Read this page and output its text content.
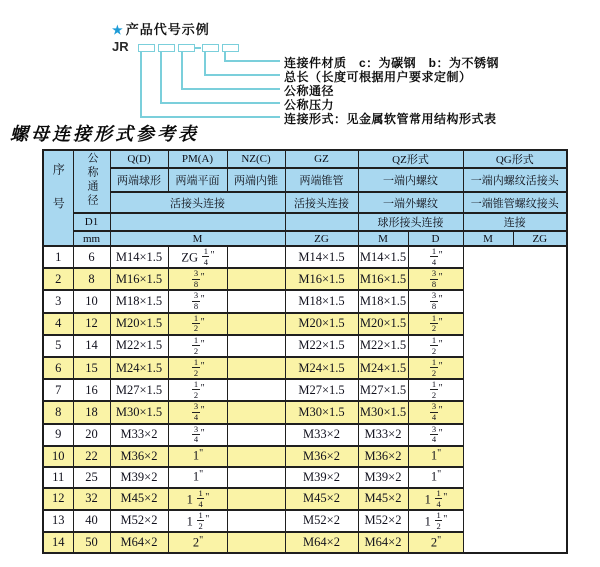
★ 产品代号示例
JR
连接件材质　c：为碳钢　b：为不锈钢
总长（长度可根据用户要求定制）
公称通径
公称压力
连接形式：见金属软管常用结构形式表
螺母连接形式参考表
序号	公称通径	Q(D)	PM(A)	NZ(C)	GZ	QZ形式		QG形式	
		两端球形	两端平面	两端内锥	两端锥管	一端内螺纹		一端内螺纹活接头	
		活接头连接			活接头连接	一端外螺纹		一端锥管螺纹接头	
	D1					球形接头连接		连接	
	mm	M			ZG	M	D	M	ZG
1	6	M14×1.5	ZG $\frac{1}{4} ^"$		M14×1.5	M14×1.5	$\frac{1}{4} ^"$
2	8	M16×1.5	$\frac{3}{8} ^"$		M16×1.5	M16×1.5	$\frac{3}{8} ^"$
3	10	M18×1.5	$\frac{3}{8} ^"$		M18×1.5	M18×1.5	$\frac{3}{8} ^"$
4	12	M20×1.5	$\frac{1}{2} ^"$		M20×1.5	M20×1.5	$\frac{1}{2} ^"$
5	14	M22×1.5	$\frac{1}{2} ^"$		M22×1.5	M22×1.5	$\frac{1}{2} ^"$
6	15	M24×1.5	$\frac{1}{2} ^"$		M24×1.5	M24×1.5	$\frac{1}{2} ^"$
7	16	M27×1.5	$\frac{1}{2} ^"$		M27×1.5	M27×1.5	$\frac{1}{2} ^"$
8	18	M30×1.5	$\frac{3}{4} ^"$		M30×1.5	M30×1.5	$\frac{3}{4} ^"$
9	20	M33×2	$\frac{3}{4} ^"$		M33×2	M33×2	$\frac{3}{4} ^"$
10	22	M36×2	1"		M36×2	M36×2	1"
11	25	M39×2	1"		M39×2	M39×2	1"
12	32	M45×2	$1 \frac{1}{4} ^"$		M45×2	M45×2	$1 \frac{1}{4} ^"$
13	40	M52×2	$1 \frac{1}{2} ^"$		M52×2	M52×2	$1 \frac{1}{2} ^"$
14	50	M64×2	2"		M64×2	M64×2	2"
